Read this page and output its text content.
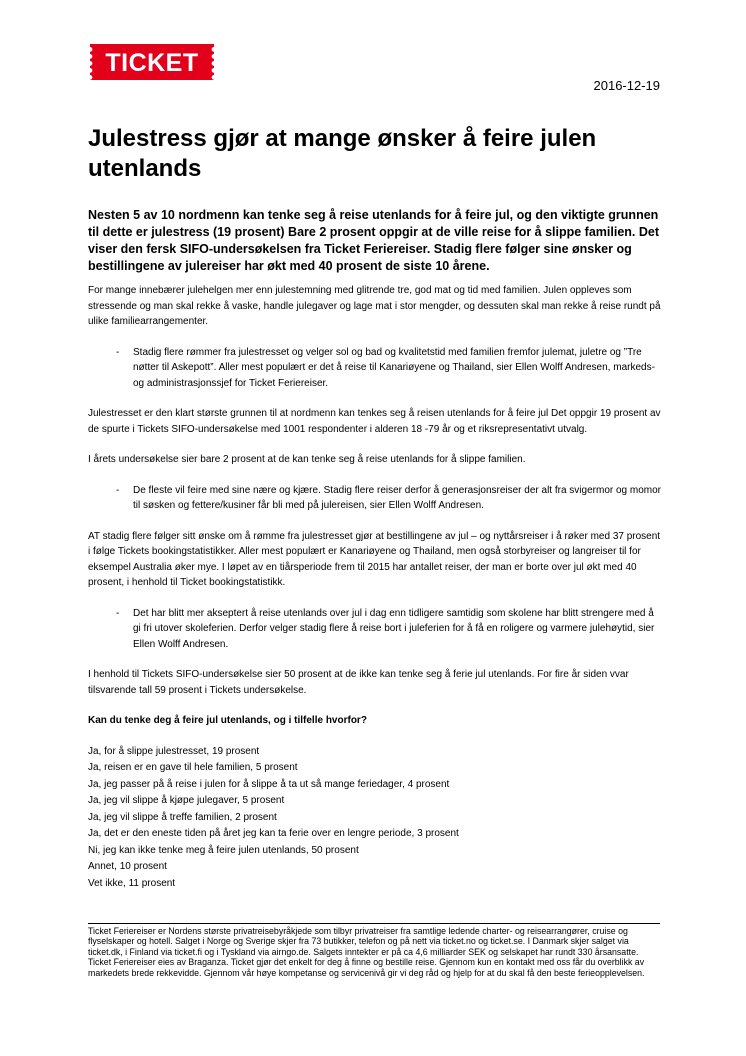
TICKET
2016-12-19
Julestress gjør at mange ønsker å feire julen utenlands

Nesten 5 av 10 nordmenn kan tenke seg å reise utenlands for å feire jul, og den viktigte grunnen til dette er julestress (19 prosent) Bare 2 prosent oppgir at de ville reise for å slippe familien. Det viser den fersk SIFO-undersøkelsen fra Ticket Feriereiser. Stadig flere følger sine ønsker og bestillingene av julereiser har økt med 40 prosent de siste 10 årene.

For mange innebærer julehelgen mer enn julestemning med glitrende tre, god mat og tid med familien. Julen oppleves som stressende og man skal rekke å vaske, handle julegaver og lage mat i stor mengder, og dessuten skal man rekke å reise rundt på ulike familiearrangementer.

-	Stadig flere rømmer fra julestresset og velger sol og bad og kvalitetstid med familien fremfor julemat, juletre og ”Tre nøtter til Askepott”. Aller mest populært er det å reise til Kanariøyene og Thailand, sier Ellen Wolff Andresen, markeds- og administrasjonssjef for Ticket Feriereiser.

Julestresset er den klart største grunnen til at nordmenn kan tenkes seg å reisen utenlands for å feire jul Det oppgir 19 prosent av de spurte i Tickets SIFO-undersøkelse med 1001 respondenter i alderen 18 -79 år og et riksrepresentativt utvalg.

I årets undersøkelse sier bare 2 prosent at de kan tenke seg å reise utenlands for å slippe familien.

-	De fleste vil feire med sine nære og kjære. Stadig flere reiser derfor å generasjonsreiser der alt fra svigermor og momor til søsken og fettere/kusiner får bli med på julereisen, sier Ellen Wolff Andresen.

AT stadig flere følger sitt ønske om å rømme fra julestresset gjør at bestillingene av jul – og nyttårsreiser i å røker med 37 prosent i følge Tickets bookingstatistikker. Aller mest populært er Kanariøyene og Thailand, men også storbyreiser og langreiser til for eksempel Australia øker mye. I løpet av en tiårsperiode frem til 2015 har antallet reiser, der man er borte over jul økt med 40 prosent, i henhold til Ticket bookingstatistikk.

-	Det har blitt mer akseptert å reise utenlands over jul i dag enn tidligere samtidig som skolene har blitt strengere med å gi fri utover skoleferien. Derfor velger stadig flere å reise bort i juleferien for å få en roligere og varmere julehøytid, sier Ellen Wolff Andresen.

I henhold til Tickets SIFO-undersøkelse sier 50 prosent at de ikke kan tenke seg å ferie jul utenlands. For fire år siden vvar tilsvarende tall 59 prosent i Tickets undersøkelse.

Kan du tenke deg å feire jul utenlands, og i tilfelle hvorfor?

Ja, for å slippe julestresset, 19 prosent
Ja, reisen er en gave til hele familien, 5 prosent
Ja, jeg passer på å reise i julen for å slippe å ta ut så mange feriedager, 4 prosent
Ja, jeg vil slippe å kjøpe julegaver, 5 prosent
Ja, jeg vil slippe å treffe familien, 2 prosent
Ja, det er den eneste tiden på året jeg kan ta ferie over en lengre periode, 3 prosent
Ni, jeg kan ikke tenke meg å feire julen utenlands, 50 prosent
Annet, 10 prosent
Vet ikke, 11 prosent

Ticket Feriereiser er Nordens største privatreisebyråkjede som tilbyr privatreiser fra samtlige ledende charter- og reisearrangører, cruise og flyselskaper og hotell. Salget i Norge og Sverige skjer fra 73 butikker, telefon og på nett via ticket.no og ticket.se. I Danmark skjer salget via ticket.dk, i Finland via ticket.fi og i Tyskland via airngo.de. Salgets inntekter er på ca 4,6 milliarder SEK og selskapet har rundt 330 årsansatte. Ticket Feriereiser eies av Braganza. Ticket gjør det enkelt for deg å finne og bestille reise. Gjennom kun en kontakt med oss får du overblikk av markedets brede rekkevidde. Gjennom vår høye kompetanse og servicenivå gir vi deg råd og hjelp for at du skal få den beste ferieopplevelsen.
